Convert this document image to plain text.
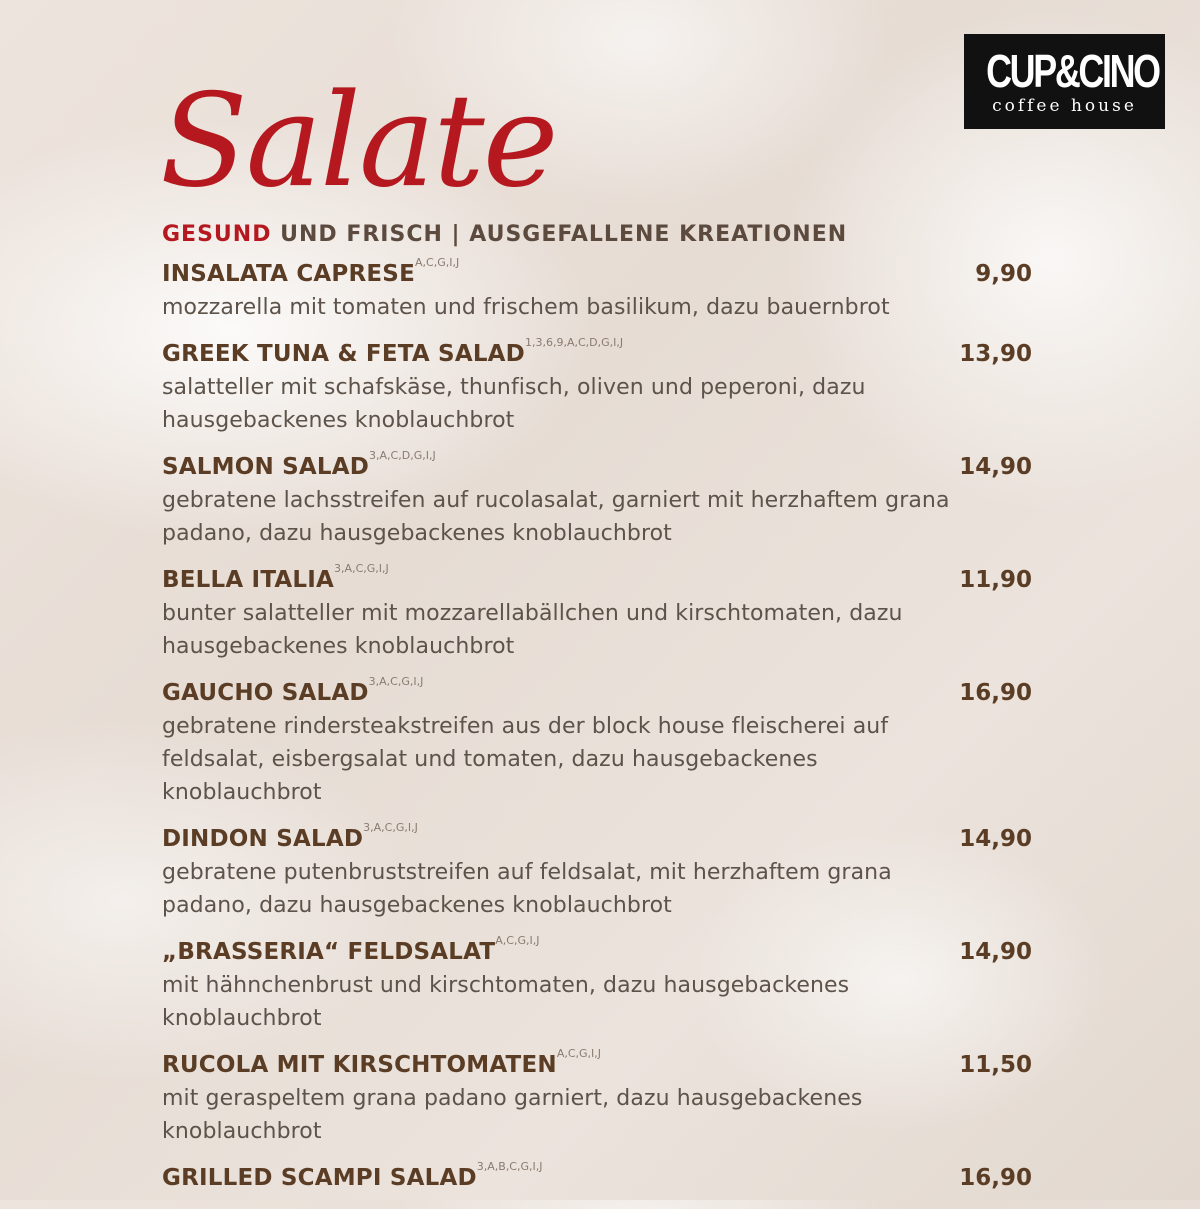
CUP&CINO
coffee house
Salate

GESUND UND FRISCH | AUSGEFALLENE KREATIONEN

INSALATA $CAPRESE^{A,C,G,I,J}$	9,90
mozzarella mit tomaten und frischem basilikum, dazu bauernbrot
GREEK TUNA & FETA $SALAD^{1,3,6,9,A,C,D,G,I,J}$	13,90
salatteller mit schafskäse, thunfisch, oliven und peperoni, dazu hausgebackenes knoblauchbrot
SALMON $SALAD^{3,A,C,D,G,I,J}$	14,90
gebratene lachsstreifen auf rucolasalat, garniert mit herzhaftem grana padano, dazu hausgebackenes knoblauchbrot
BELLA $ITALIA^{3,A,C,G,I,J}$	11,90
bunter salatteller mit mozzarellabällchen und kirschtomaten, dazu hausgebackenes knoblauchbrot
GAUCHO $SALAD^{3,A,C,G,I,J}$	16,90
gebratene rindersteakstreifen aus der block house fleischerei auf feldsalat, eisbergsalat und tomaten, dazu hausgebackenes knoblauchbrot
DINDON $SALAD^{3,A,C,G,I,J}$	14,90
gebratene putenbruststreifen auf feldsalat, mit herzhaftem grana padano, dazu hausgebackenes knoblauchbrot
„BRASSERIA“ $FELDSALAT^{A,C,G,I,J}$	14,90
mit hähnchenbrust und kirschtomaten, dazu hausgebackenes knoblauchbrot
RUCOLA MIT $KIRSCHTOMATEN^{A,C,G,I,J}$	11,50
mit geraspeltem grana padano garniert, dazu hausgebackenes knoblauchbrot
GRILLED SCAMPI $SALAD^{3,A,B,C,G,I,J}$	16,90
